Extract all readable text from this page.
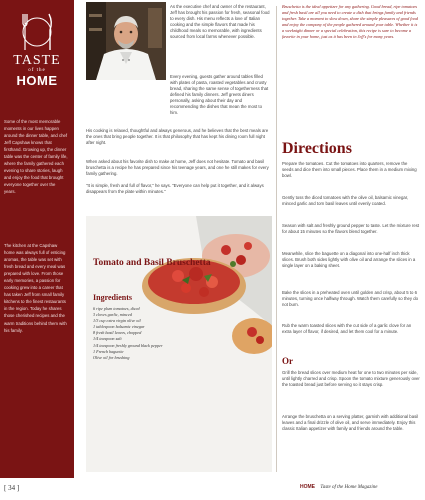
TASTE
of the
HOME

Some of the most memorable moments in our lives happen around the dinner table, and chef Jeff Capshaw knows that firsthand. Growing up, the dinner table was the center of family life, where the family gathered each evening to share stories, laugh and enjoy the food that brought everyone together over the years.

The kitchen at the Capshaw home was always full of enticing aromas, the table was set with fresh bread and every meal was prepared with love. From those early memories, a passion for cooking grew into a career that has taken Jeff from small family kitchens to the finest restaurants in the region. Today he shares those cherished recipes and the warm traditions behind them with his family.

[ 34 ]

As the executive chef and owner of the restaurant, Jeff has brought his passion for fresh, seasonal food to every dish. His menu reflects a love of Italian cooking and the simple flavors that made his childhood meals so memorable, with ingredients sourced from local farms whenever possible.

Every evening, guests gather around tables filled with plates of pasta, roasted vegetables and crusty bread, sharing the same sense of togetherness that defined his family dinners. Jeff greets diners personally, asking about their day and recommending the dishes that mean the most to him.

His cooking is relaxed, thoughtful and always generous, and he believes that the best meals are the ones that bring people together. It is that philosophy that has kept his dining room full night after night.

When asked about his favorite dish to make at home, Jeff does not hesitate. Tomato and basil bruschetta is a recipe he has prepared since his teenage years, and one he still makes for every family gathering.

"It is simple, fresh and full of flavor," he says. "Everyone can help put it together, and it always disappears from the plate within minutes."

Bruschetta is the ideal appetizer for any gathering. Good bread, ripe tomatoes and fresh basil are all you need to create a dish that brings family and friends together. Take a moment to slow down, share the simple pleasures of good food and enjoy the company of the people gathered around your table. Whether it is a weeknight dinner or a special celebration, this recipe is sure to become a favorite in your home, just as it has been in Jeff's for many years.

Directions

Prepare the tomatoes. Cut the tomatoes into quarters, remove the seeds and dice them into small pieces. Place them in a medium mixing bowl.

Gently toss the diced tomatoes with the olive oil, balsamic vinegar, minced garlic and torn basil leaves until evenly coated.

Season with salt and freshly ground pepper to taste. Let the mixture rest for about 15 minutes so the flavors blend together.

Meanwhile, slice the baguette on a diagonal into one-half inch thick slices. Brush both sides lightly with olive oil and arrange the slices in a single layer on a baking sheet.

Bake the slices in a preheated oven until golden and crisp, about 5 to 6 minutes, turning once halfway through. Watch them carefully so they do not burn.

Rub the warm toasted slices with the cut side of a garlic clove for an extra layer of flavor, if desired, and let them cool for a minute.

Or

Grill the bread slices over medium heat for one to two minutes per side, until lightly charred and crisp. Spoon the tomato mixture generously over the toasted bread just before serving so it stays crisp.

Arrange the bruschetta on a serving platter, garnish with additional basil leaves and a final drizzle of olive oil, and serve immediately. Enjoy this classic Italian appetizer with family and friends around the table.

Tomato and Basil Bruschetta
Ingredients
6 ripe plum tomatoes, diced
3 cloves garlic, minced
1/3 cup extra virgin olive oil
1 tablespoon balsamic vinegar
8 fresh basil leaves, chopped
1/4 teaspoon salt
1/4 teaspoon freshly ground black pepper
1 French baguette
Olive oil for brushing
HOME Taste of the Home Magazine
